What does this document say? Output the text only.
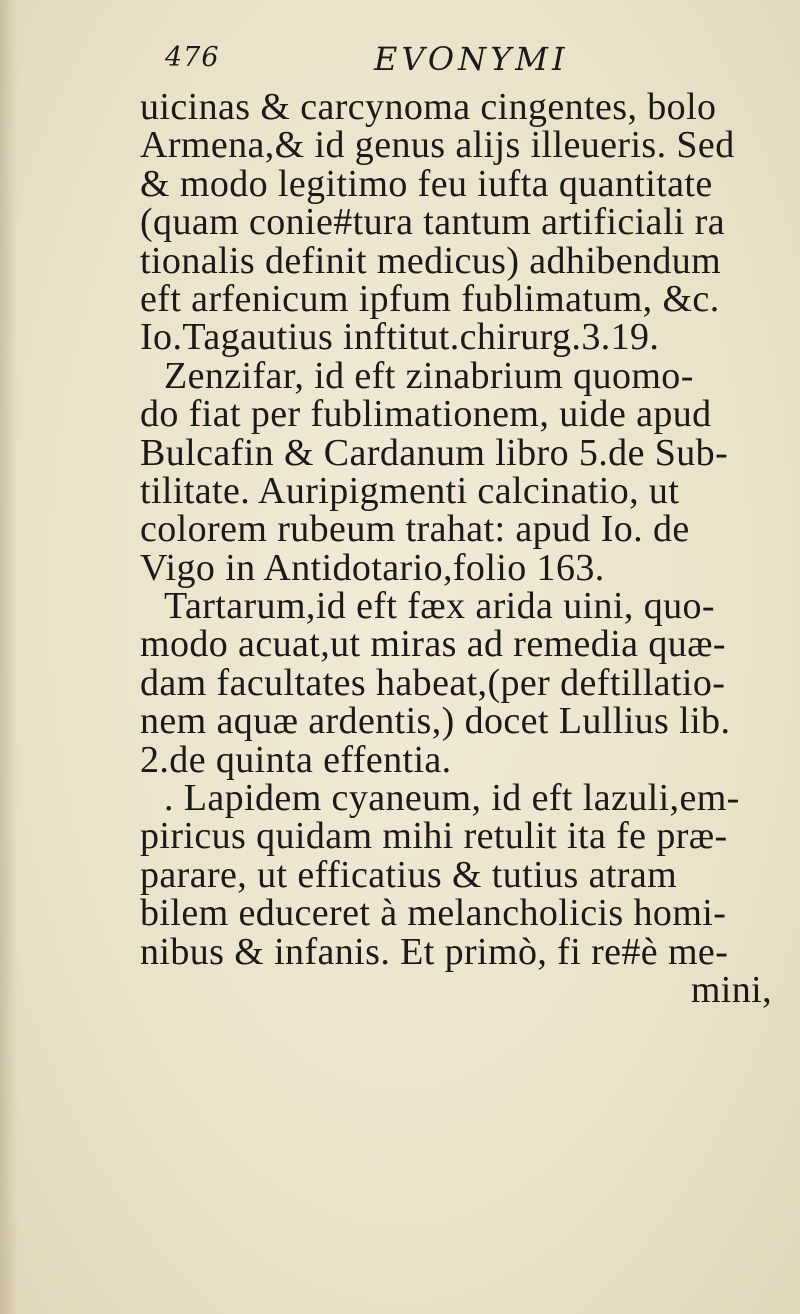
476	EVONYMI
uicinas & carcynoma cingentes, bolo
Armena,& id genus alijs illeueris. Sed
& modo legitimo feu iufta quantitate
(quam conie#tura tantum artificiali ra
tionalis definit medicus) adhibendum
eft arfenicum ipfum fublimatum, &c.
Io.Tagautius inftitut.chirurg.3.19.
Zenzifar, id eft zinabrium quomo-
do fiat per fublimationem, uide apud
Bulcafin & Cardanum libro 5.de Sub-
tilitate. Auripigmenti calcinatio, ut
colorem rubeum trahat: apud Io. de
Vigo in Antidotario,folio 163.
Tartarum,id eft fæx arida uini, quo-
modo acuat,ut miras ad remedia quæ-
dam facultates habeat,(per deftillatio-
nem aquæ ardentis,) docet Lullius lib.
2.de quinta effentia.
. Lapidem cyaneum, id eft lazuli,em-
piricus quidam mihi retulit ita fe præ-
parare, ut efficatius & tutius atram
bilem educeret à melancholicis homi-
nibus & infanis. Et primò, fi re#è me-
mini,
